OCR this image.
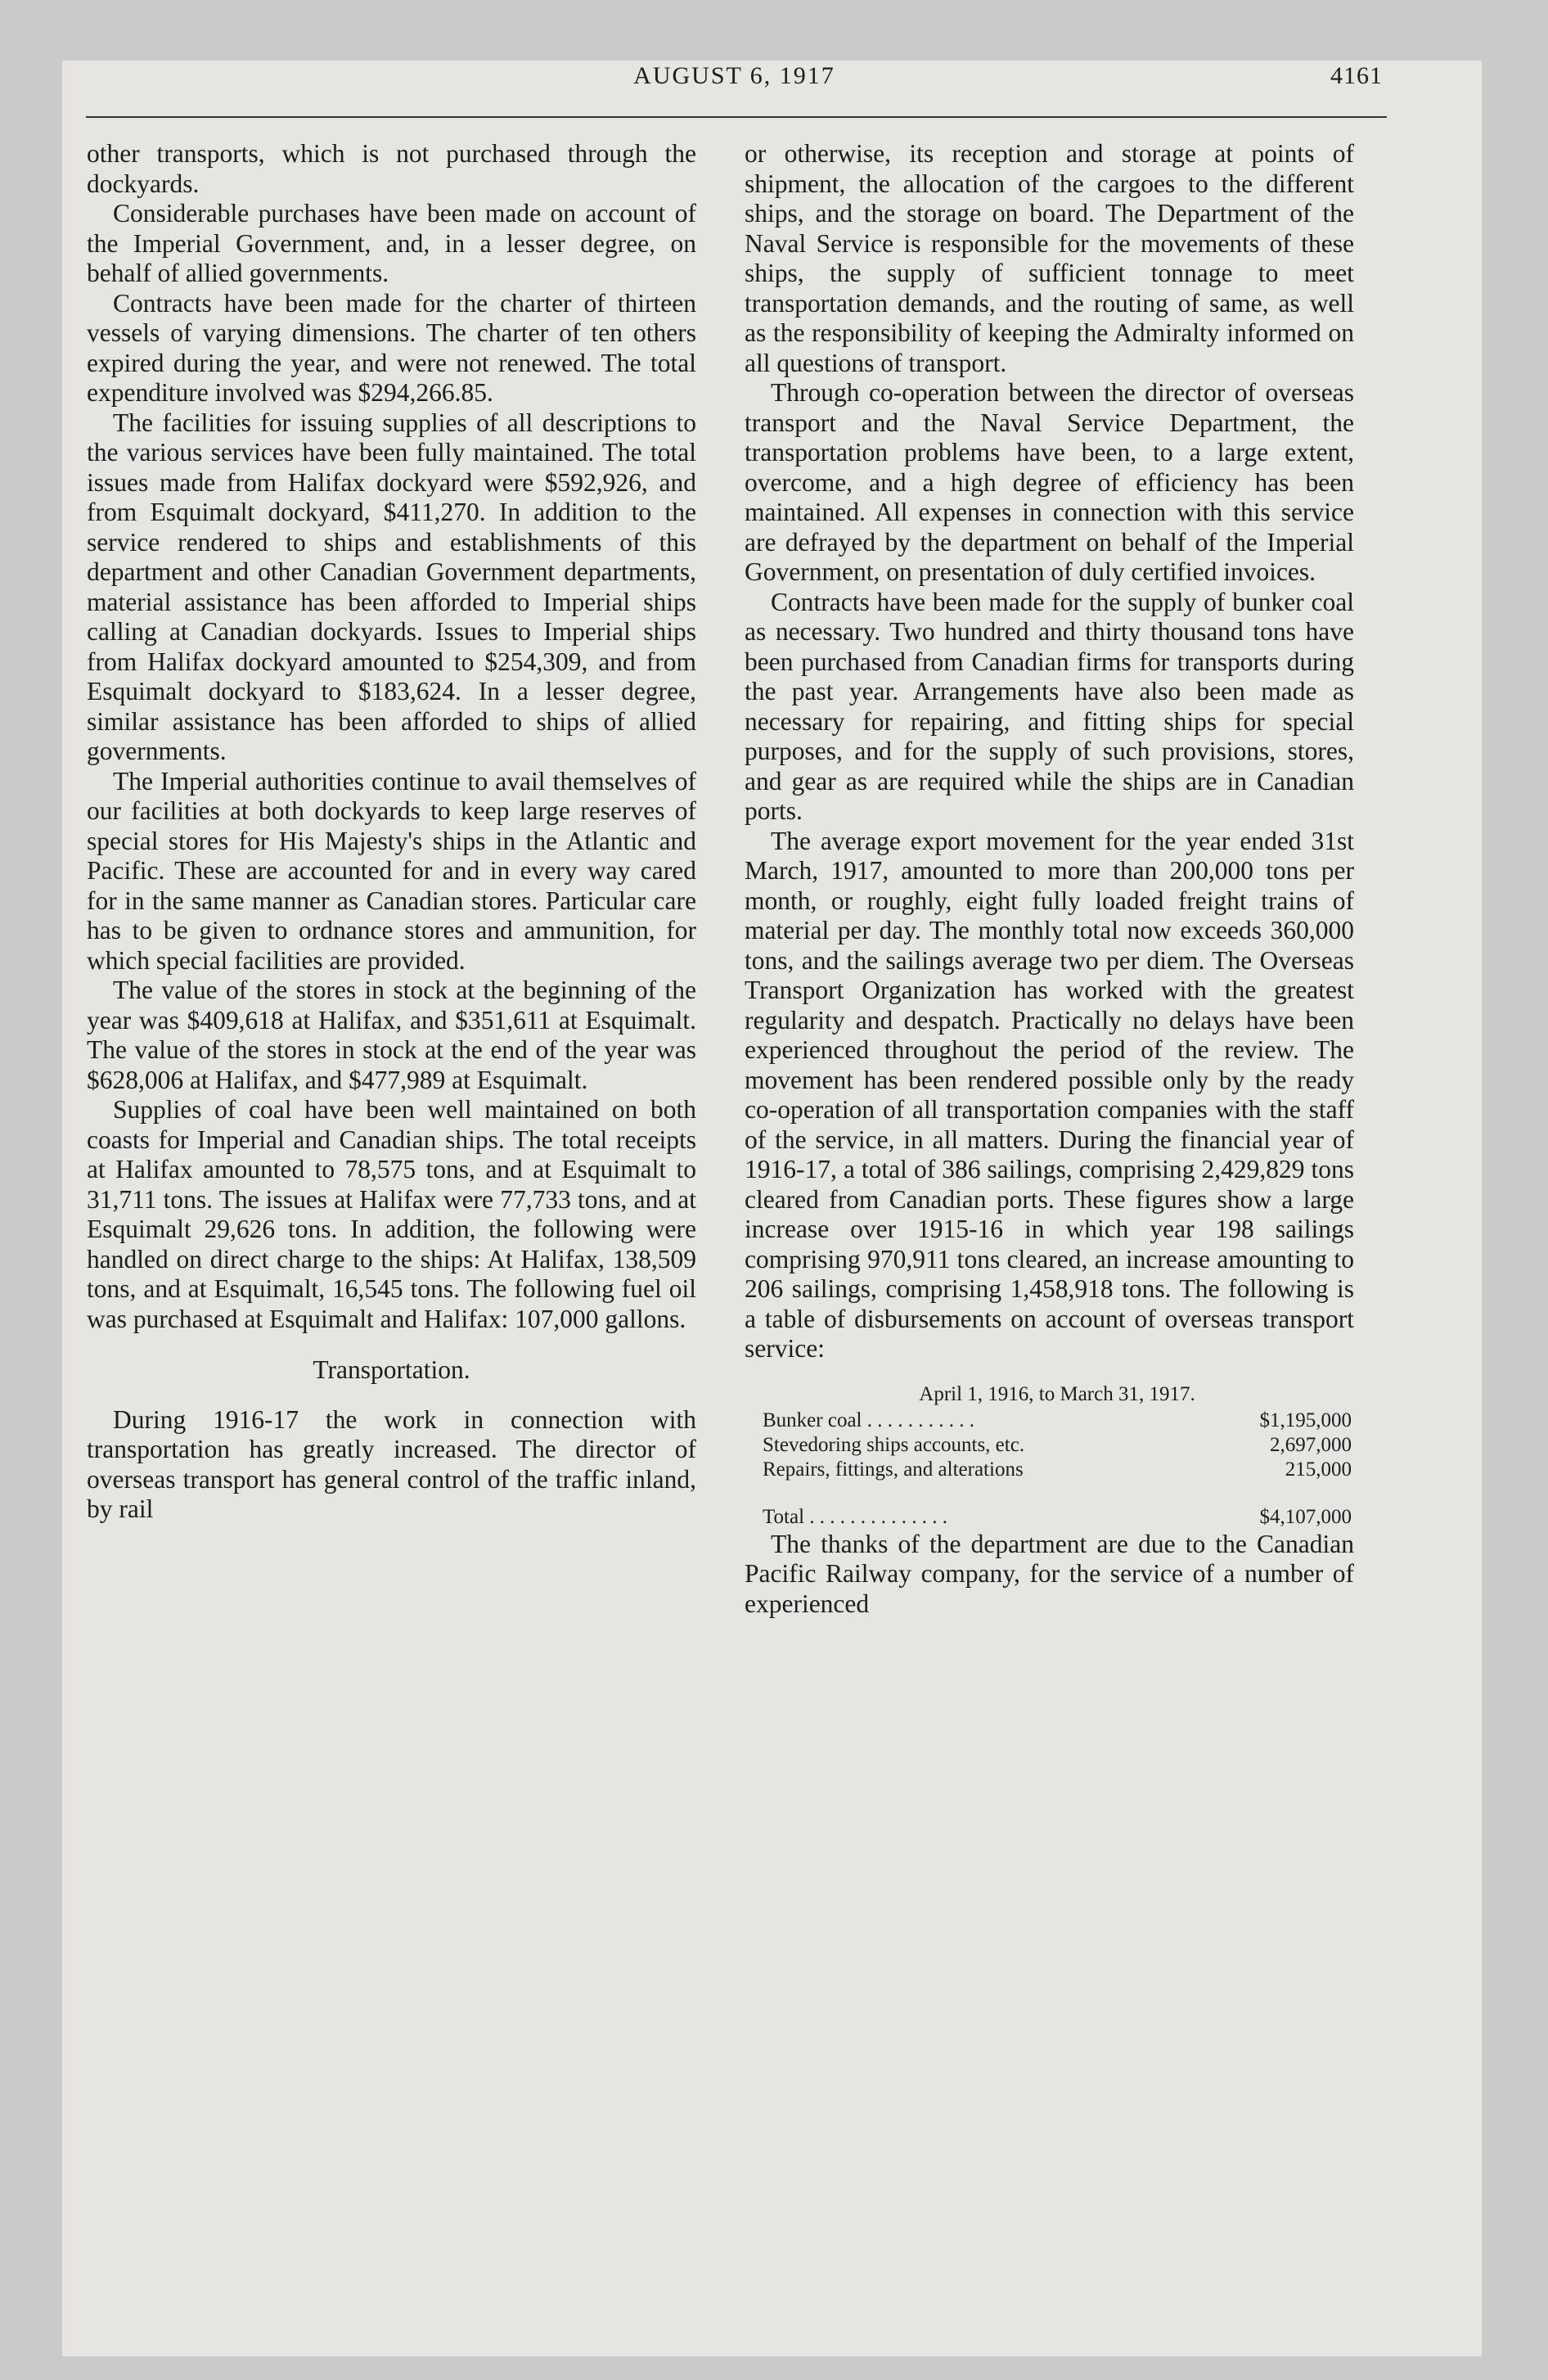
AUGUST 6, 1917	4161

other transports, which is not purchased through the dockyards.

Considerable purchases have been made on account of the Imperial Government, and, in a lesser degree, on behalf of allied governments.

Contracts have been made for the charter of thirteen vessels of varying dimensions. The charter of ten others expired during the year, and were not renewed. The total expenditure involved was $294,266.85.

The facilities for issuing supplies of all descriptions to the various services have been fully maintained. The total issues made from Halifax dockyard were $592,926, and from Esquimalt dockyard, $411,270. In addition to the service rendered to ships and establishments of this department and other Canadian Government departments, material assistance has been afforded to Imperial ships calling at Canadian dockyards. Issues to Imperial ships from Halifax dockyard amounted to $254,309, and from Esquimalt dockyard to $183,624. In a lesser degree, similar assistance has been afforded to ships of allied governments.

The Imperial authorities continue to avail themselves of our facilities at both dockyards to keep large reserves of special stores for His Majesty's ships in the Atlantic and Pacific. These are accounted for and in every way cared for in the same manner as Canadian stores. Particular care has to be given to ordnance stores and ammunition, for which special facilities are provided.

The value of the stores in stock at the beginning of the year was $409,618 at Halifax, and $351,611 at Esquimalt. The value of the stores in stock at the end of the year was $628,006 at Halifax, and $477,989 at Esquimalt.

Supplies of coal have been well maintained on both coasts for Imperial and Canadian ships. The total receipts at Halifax amounted to 78,575 tons, and at Esquimalt to 31,711 tons. The issues at Halifax were 77,733 tons, and at Esquimalt 29,626 tons. In addition, the following were handled on direct charge to the ships: At Halifax, 138,509 tons, and at Esquimalt, 16,545 tons. The following fuel oil was purchased at Esquimalt and Halifax: 107,000 gallons.

Transportation.

During 1916-17 the work in connection with transportation has greatly increased. The director of overseas transport has general control of the traffic inland, by rail

or otherwise, its reception and storage at points of shipment, the allocation of the cargoes to the different ships, and the storage on board. The Department of the Naval Service is responsible for the movements of these ships, the supply of sufficient tonnage to meet transportation demands, and the routing of same, as well as the responsibility of keeping the Admiralty informed on all questions of transport.

Through co-operation between the director of overseas transport and the Naval Service Department, the transportation problems have been, to a large extent, overcome, and a high degree of efficiency has been maintained. All expenses in connection with this service are defrayed by the department on behalf of the Imperial Government, on presentation of duly certified invoices.

Contracts have been made for the supply of bunker coal as necessary. Two hundred and thirty thousand tons have been purchased from Canadian firms for transports during the past year. Arrangements have also been made as necessary for repairing, and fitting ships for special purposes, and for the supply of such provisions, stores, and gear as are required while the ships are in Canadian ports.

The average export movement for the year ended 31st March, 1917, amounted to more than 200,000 tons per month, or roughly, eight fully loaded freight trains of material per day. The monthly total now exceeds 360,000 tons, and the sailings average two per diem. The Overseas Transport Organization has worked with the greatest regularity and despatch. Practically no delays have been experienced throughout the period of the review. The movement has been rendered possible only by the ready co-operation of all transportation companies with the staff of the service, in all matters. During the financial year of 1916-17, a total of 386 sailings, comprising 2,429,829 tons cleared from Canadian ports. These figures show a large increase over 1915-16 in which year 198 sailings comprising 970,911 tons cleared, an increase amounting to 206 sailings, comprising 1,458,918 tons. The following is a table of disbursements on account of overseas transport service:

April 1, 1916, to March 31, 1917.
Bunker coal . . . . . . . . . . .	$1,195,000
Stevedoring ships accounts, etc.	2,697,000
Repairs, fittings, and alterations	215,000
Total . . . . . . . . . . . . . .	$4,107,000

The thanks of the department are due to the Canadian Pacific Railway company, for the service of a number of experienced
